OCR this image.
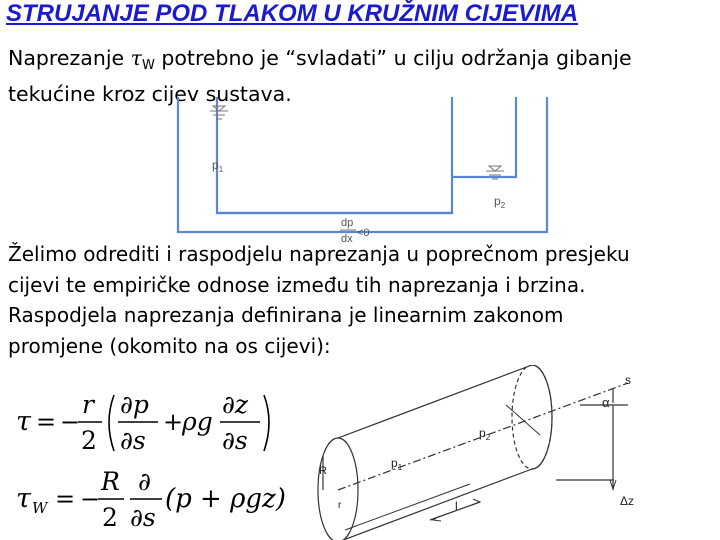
STRUJANJE POD TLAKOM U KRUŽNIM CIJEVIMA
Naprezanje $\tau_W$ potrebno je “svladati” u cilju održanja gibanje
tekućine kroz cijev sustava.
$p_1$
$p_2$
dp
dx <0
Želimo odrediti i raspodjelu naprezanja u poprečnom presjeku
cijevi te empiričke odnose između tih naprezanja i brzina.
Raspodjela naprezanja definirana je linearnim zakonom
promjene (okomito na os cijevi):
s
α
R
r
$p_1$
$p_2$
l	Δz
τ = −
r
2
∂p
∂s
+
ρg
∂z
∂s
τ W = −
R
2
∂
∂s
(p + ρgz)
